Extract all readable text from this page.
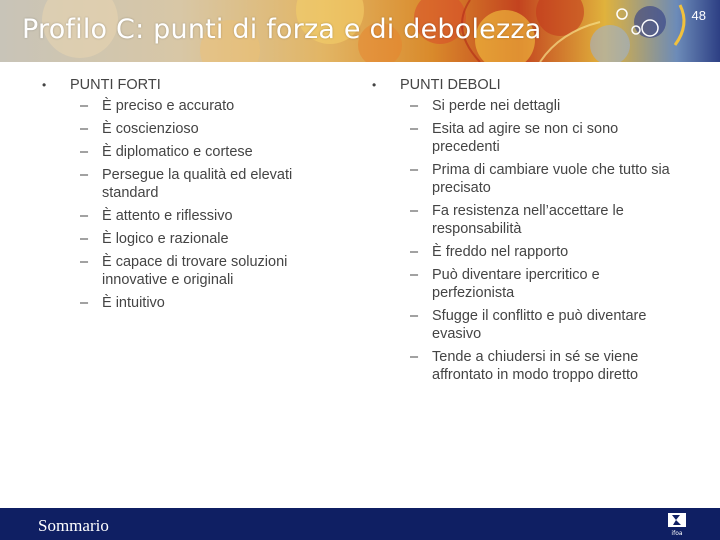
Profilo C: punti di forza e di debolezza	48
•	PUNTI FORTI
– È preciso e accurato
– È coscienzioso
– È diplomatico e cortese
– Persegue la qualità ed elevati standard
– È attento e riflessivo
– È logico e razionale
– È capace di trovare soluzioni innovative e originali
– È intuitivo
•	PUNTI DEBOLI
– Si perde nei dettagli
– Esita ad agire se non ci sono precedenti
– Prima di cambiare vuole che tutto sia precisato
– Fa resistenza nell’accettare le responsabilità
– È freddo nel rapporto
– Può diventare ipercritico e perfezionista
– Sfugge il conflitto e può diventare evasivo
– Tende a chiudersi in sé se viene affrontato in modo troppo diretto
Sommario	ifoa
